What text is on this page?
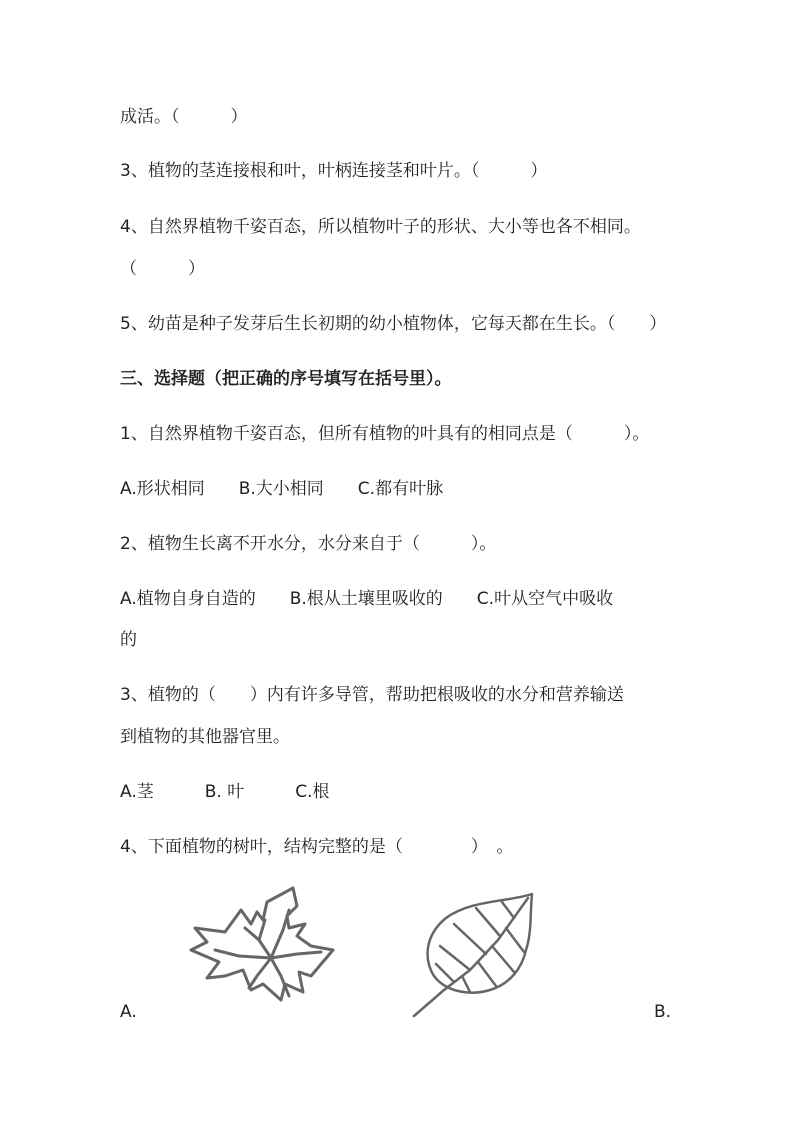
成活。（　　　）
3、植物的茎连接根和叶，叶柄连接茎和叶片。（　　　）
4、自然界植物千姿百态，所以植物叶子的形状、大小等也各不相同。
（　　　）
5、幼苗是种子发芽后生长初期的幼小植物体，它每天都在生长。（　　）
三、选择题（把正确的序号填写在括号里）。
1、自然界植物千姿百态，但所有植物的叶具有的相同点是（　　　）。
A.形状相同　　B.大小相同　　C.都有叶脉
2、植物生长离不开水分，水分来自于（　　　）。
A.植物自身自造的　　B.根从土壤里吸收的　　C.叶从空气中吸收
的
3、植物的（　　）内有许多导管，帮助把根吸收的水分和营养输送
到植物的其他器官里。
A.茎　　　B. 叶　　　C.根
4、下面植物的树叶，结构完整的是（　　　　）　。
A.	B.
